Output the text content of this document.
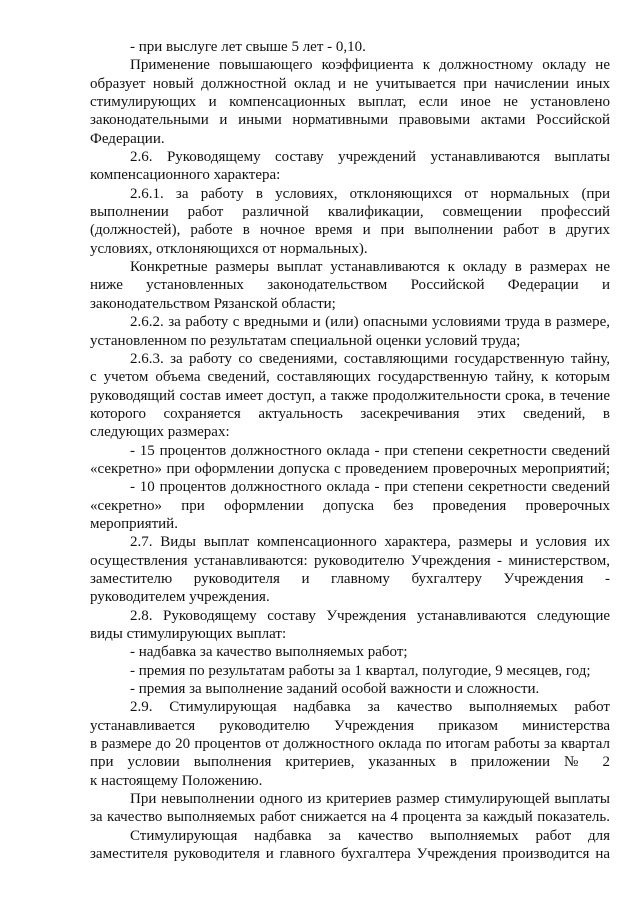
- при выслуге лет свыше 5 лет - 0,10.
Применение повышающего коэффициента к должностному окладу не
образует новый должностной оклад и не учитывается при начислении иных
стимулирующих и компенсационных выплат, если иное не установлено
законодательными и иными нормативными правовыми актами Российской
Федерации.
2.6. Руководящему составу учреждений устанавливаются выплаты
компенсационного характера:
2.6.1. за работу в условиях, отклоняющихся от нормальных (при
выполнении работ различной квалификации, совмещении профессий
(должностей), работе в ночное время и при выполнении работ в других
условиях, отклоняющихся от нормальных).
Конкретные размеры выплат устанавливаются к окладу в размерах не
ниже установленных законодательством Российской Федерации и
законодательством Рязанской области;
2.6.2. за работу с вредными и (или) опасными условиями труда в размере,
установленном по результатам специальной оценки условий труда;
2.6.3. за работу со сведениями, составляющими государственную тайну,
с учетом объема сведений, составляющих государственную тайну, к которым
руководящий состав имеет доступ, а также продолжительности срока, в течение
которого сохраняется актуальность засекречивания этих сведений, в
следующих размерах:
- 15 процентов должностного оклада - при степени секретности сведений
«секретно» при оформлении допуска с проведением проверочных мероприятий;
- 10 процентов должностного оклада - при степени секретности сведений
«секретно» при оформлении допуска без проведения проверочных
мероприятий.
2.7. Виды выплат компенсационного характера, размеры и условия их
осуществления устанавливаются: руководителю Учреждения - министерством,
заместителю руководителя и главному бухгалтеру Учреждения -
руководителем учреждения.
2.8. Руководящему составу Учреждения устанавливаются следующие
виды стимулирующих выплат:
- надбавка за качество выполняемых работ;
- премия по результатам работы за 1 квартал, полугодие, 9 месяцев, год;
- премия за выполнение заданий особой важности и сложности.
2.9. Стимулирующая надбавка за качество выполняемых работ
устанавливается руководителю Учреждения приказом министерства
в размере до 20 процентов от должностного оклада по итогам работы за квартал
при условии выполнения критериев, указанных в приложении № 2
к настоящему Положению.
При невыполнении одного из критериев размер стимулирующей выплаты
за качество выполняемых работ снижается на 4 процента за каждый показатель.
Стимулирующая надбавка за качество выполняемых работ для
заместителя руководителя и главного бухгалтера Учреждения производится на
